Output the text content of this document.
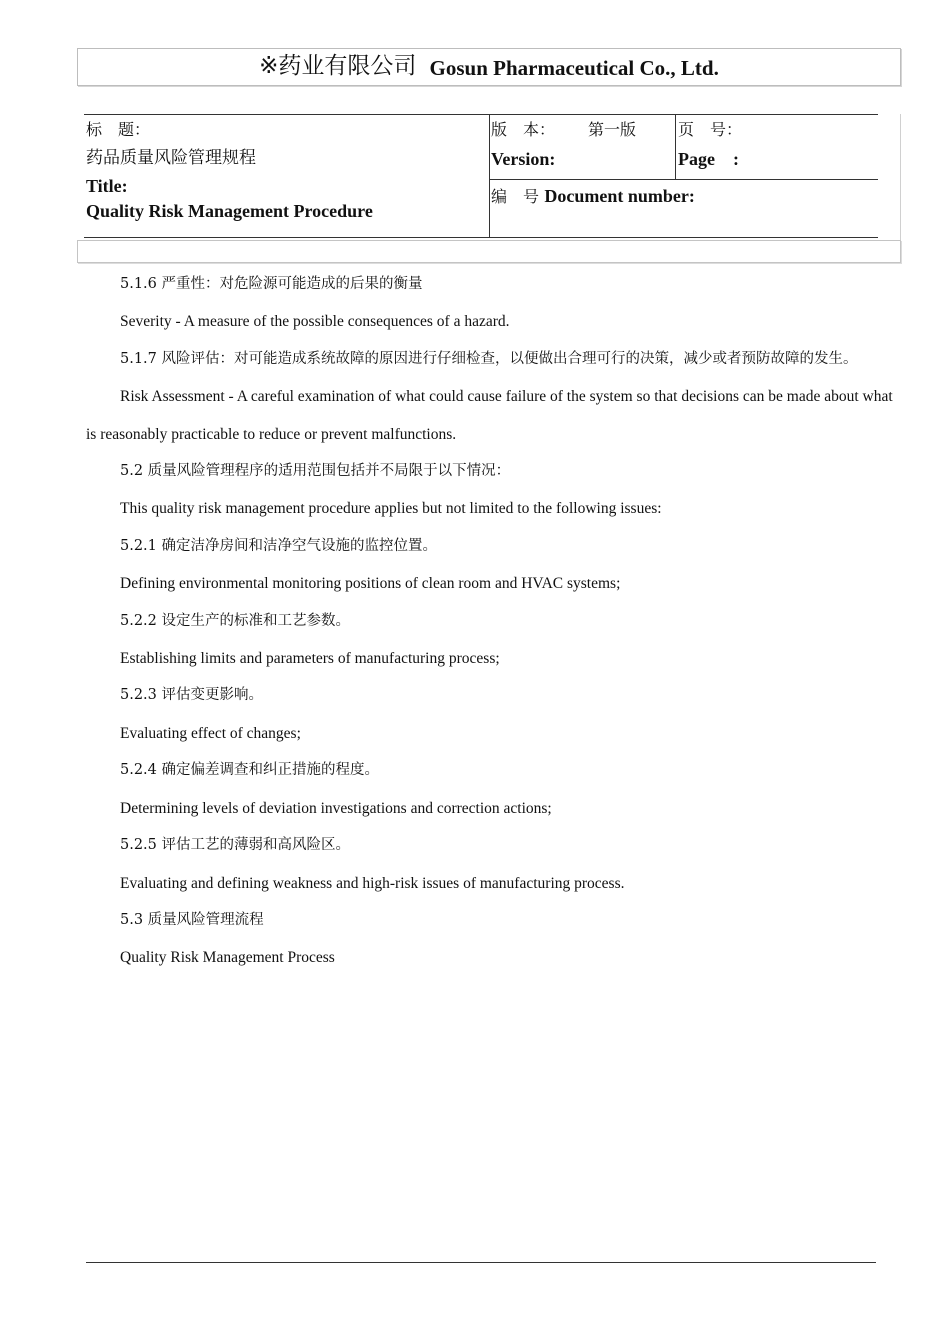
※药业有限公司 Gosun Pharmaceutical Co., Ltd.
标　题：
药品质量风险管理规程
Title:
Quality Risk Management Procedure
版　本： 第一版
Version:
页　号：
Page　:
编　号 Document number:

5.1.6 严重性：对危险源可能造成的后果的衡量

Severity - A measure of the possible consequences of a hazard.

5.1.7 风险评估：对可能造成系统故障的原因进行仔细检查，以便做出合理可行的决策，减少或者预防故障的发生。

Risk Assessment - A careful examination of what could cause failure of the system so that decisions can be made about what is reasonably practicable to reduce or prevent malfunctions.

5.2 质量风险管理程序的适用范围包括并不局限于以下情况：

This quality risk management procedure applies but not limited to the following issues:

5.2.1 确定洁净房间和洁净空气设施的监控位置。

Defining environmental monitoring positions of clean room and HVAC systems;

5.2.2 设定生产的标准和工艺参数。

Establishing limits and parameters of manufacturing process;

5.2.3 评估变更影响。

Evaluating effect of changes;

5.2.4 确定偏差调查和纠正措施的程度。

Determining levels of deviation investigations and correction actions;

5.2.5 评估工艺的薄弱和高风险区。

Evaluating and defining weakness and high-risk issues of manufacturing process.

5.3 质量风险管理流程

Quality Risk Management Process
